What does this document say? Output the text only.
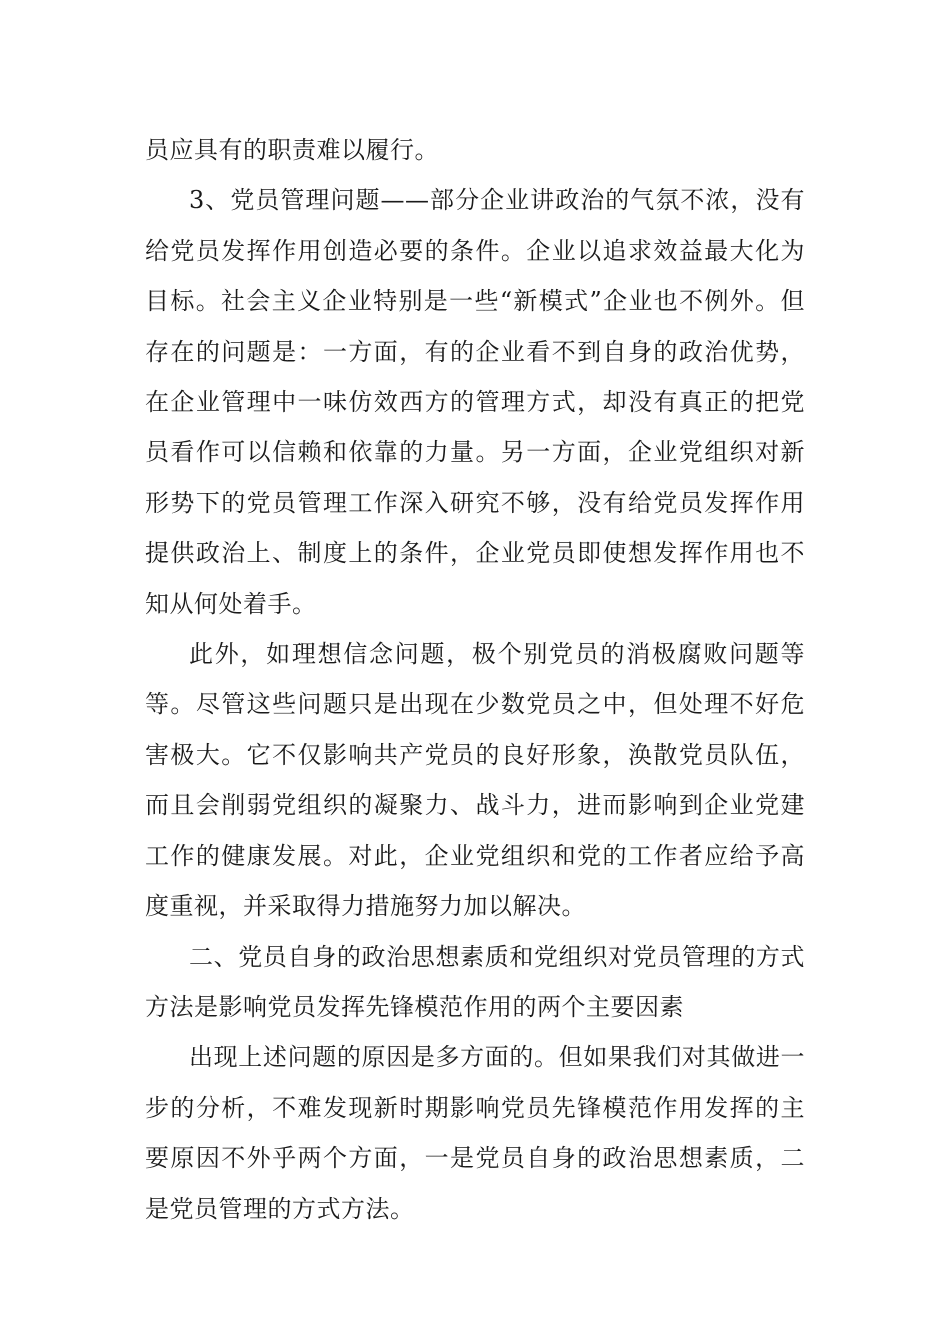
员应具有的职责难以履行。

3、党员管理问题——部分企业讲政治的气氛不浓，没有给党员发挥作用创造必要的条件。企业以追求效益最大化为目标。社会主义企业特别是一些“新模式”企业也不例外。但存在的问题是：一方面，有的企业看不到自身的政治优势，在企业管理中一味仿效西方的管理方式，却没有真正的把党员看作可以信赖和依靠的力量。另一方面，企业党组织对新形势下的党员管理工作深入研究不够，没有给党员发挥作用提供政治上、制度上的条件，企业党员即使想发挥作用也不知从何处着手。

此外，如理想信念问题，极个别党员的消极腐败问题等等。尽管这些问题只是出现在少数党员之中，但处理不好危害极大。它不仅影响共产党员的良好形象，涣散党员队伍，而且会削弱党组织的凝聚力、战斗力，进而影响到企业党建工作的健康发展。对此，企业党组织和党的工作者应给予高度重视，并采取得力措施努力加以解决。

二、党员自身的政治思想素质和党组织对党员管理的方式方法是影响党员发挥先锋模范作用的两个主要因素

出现上述问题的原因是多方面的。但如果我们对其做进一步的分析，不难发现新时期影响党员先锋模范作用发挥的主要原因不外乎两个方面，一是党员自身的政治思想素质，二是党员管理的方式方法。
